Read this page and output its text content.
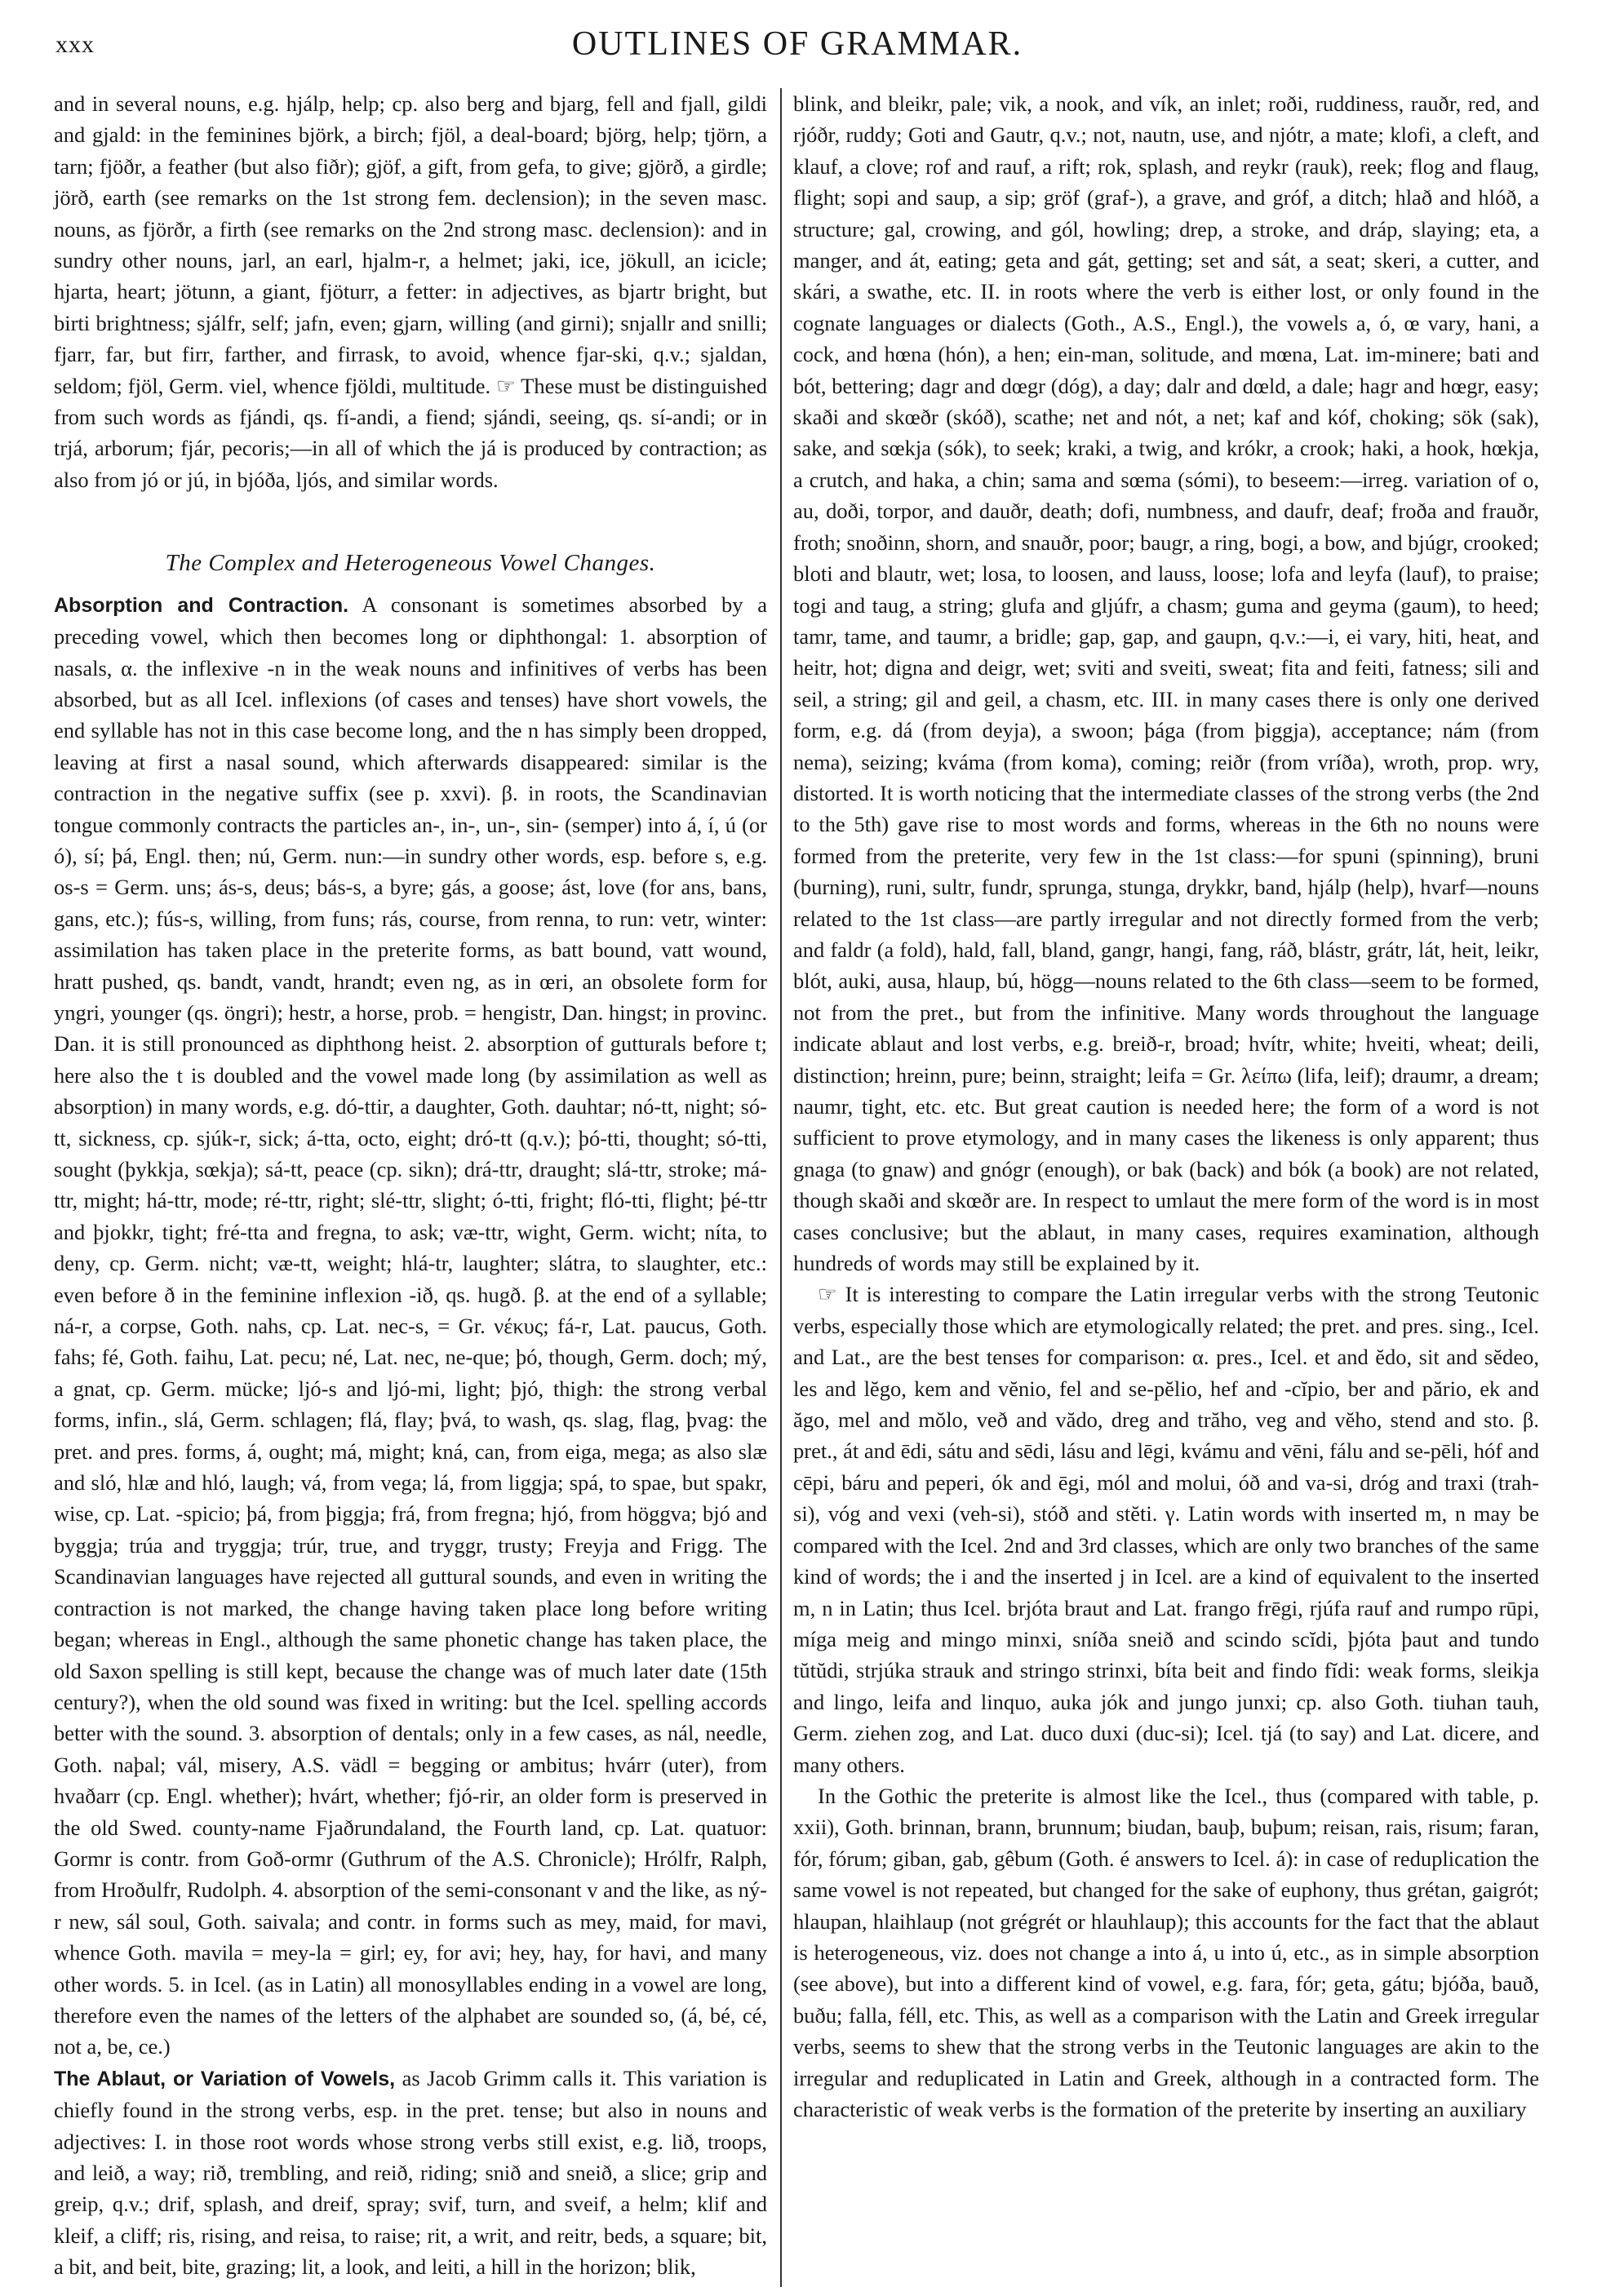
xxx	OUTLINES OF GRAMMAR.

and in several nouns, e.g. hjálp, help; cp. also berg and bjarg, fell and fjall, gildi and gjald: in the feminines björk, a birch; fjöl, a deal-board; björg, help; tjörn, a tarn; fjöðr, a feather (but also fiðr); gjöf, a gift, from gefa, to give; gjörð, a girdle; jörð, earth (see remarks on the 1st strong fem. declension); in the seven masc. nouns, as fjörðr, a firth (see remarks on the 2nd strong masc. declension): and in sundry other nouns, jarl, an earl, hjalm-r, a helmet; jaki, ice, jökull, an icicle; hjarta, heart; jötunn, a giant, fjöturr, a fetter: in adjectives, as bjartr bright, but birti brightness; sjálfr, self; jafn, even; gjarn, willing (and girni); snjallr and snilli; fjarr, far, but firr, farther, and firrask, to avoid, whence fjar-ski, q.v.; sjaldan, seldom; fjöl, Germ. viel, whence fjöldi, multitude. ☞ These must be distinguished from such words as fjándi, qs. fí-andi, a fiend; sjándi, seeing, qs. sí-andi; or in trjá, arborum; fjár, pecoris;—in all of which the já is produced by contraction; as also from jó or jú, in bjóða, ljós, and similar words.

The Complex and Heterogeneous Vowel Changes.

Absorption and Contraction. A consonant is sometimes absorbed by a preceding vowel, which then becomes long or diphthongal: 1. absorption of nasals, α. the inflexive -n in the weak nouns and infinitives of verbs has been absorbed, but as all Icel. inflexions (of cases and tenses) have short vowels, the end syllable has not in this case become long, and the n has simply been dropped, leaving at first a nasal sound, which afterwards disappeared: similar is the contraction in the negative suffix (see p. xxvi). β. in roots, the Scandinavian tongue commonly contracts the particles an-, in-, un-, sin- (semper) into á, í, ú (or ó), sí; þá, Engl. then; nú, Germ. nun:—in sundry other words, esp. before s, e.g. os-s = Germ. uns; ás-s, deus; bás-s, a byre; gás, a goose; ást, love (for ans, bans, gans, etc.); fús-s, willing, from funs; rás, course, from renna, to run: vetr, winter: assimilation has taken place in the preterite forms, as batt bound, vatt wound, hratt pushed, qs. bandt, vandt, hrandt; even ng, as in œri, an obsolete form for yngri, younger (qs. öngri); hestr, a horse, prob. = hengistr, Dan. hingst; in provinc. Dan. it is still pronounced as diphthong heist. 2. absorption of gutturals before t; here also the t is doubled and the vowel made long (by assimilation as well as absorption) in many words, e.g. dó-ttir, a daughter, Goth. dauhtar; nó-tt, night; só-tt, sickness, cp. sjúk-r, sick; á-tta, octo, eight; dró-tt (q.v.); þó-tti, thought; só-tti, sought (þykkja, sœkja); sá-tt, peace (cp. sikn); drá-ttr, draught; slá-ttr, stroke; má-ttr, might; há-ttr, mode; ré-ttr, right; slé-ttr, slight; ó-tti, fright; fló-tti, flight; þé-ttr and þjokkr, tight; fré-tta and fregna, to ask; væ-ttr, wight, Germ. wicht; níta, to deny, cp. Germ. nicht; væ-tt, weight; hlá-tr, laughter; slátra, to slaughter, etc.: even before ð in the feminine inflexion -ið, qs. hugð. β. at the end of a syllable; ná-r, a corpse, Goth. nahs, cp. Lat. nec-s, = Gr. νέκυς; fá-r, Lat. paucus, Goth. fahs; fé, Goth. faihu, Lat. pecu; né, Lat. nec, ne-que; þó, though, Germ. doch; mý, a gnat, cp. Germ. mücke; ljó-s and ljó-mi, light; þjó, thigh: the strong verbal forms, infin., slá, Germ. schlagen; flá, flay; þvá, to wash, qs. slag, flag, þvag: the pret. and pres. forms, á, ought; má, might; kná, can, from eiga, mega; as also slæ and sló, hlæ and hló, laugh; vá, from vega; lá, from liggja; spá, to spae, but spakr, wise, cp. Lat. -spicio; þá, from þiggja; frá, from fregna; hjó, from höggva; bjó and byggja; trúa and tryggja; trúr, true, and tryggr, trusty; Freyja and Frigg. The Scandinavian languages have rejected all guttural sounds, and even in writing the contraction is not marked, the change having taken place long before writing began; whereas in Engl., although the same phonetic change has taken place, the old Saxon spelling is still kept, because the change was of much later date (15th century?), when the old sound was fixed in writing: but the Icel. spelling accords better with the sound. 3. absorption of dentals; only in a few cases, as nál, needle, Goth. naþal; vál, misery, A.S. vädl = begging or ambitus; hvárr (uter), from hvaðarr (cp. Engl. whether); hvárt, whether; fjó-rir, an older form is preserved in the old Swed. county-name Fjaðrundaland, the Fourth land, cp. Lat. quatuor: Gormr is contr. from Goð-ormr (Guthrum of the A.S. Chronicle); Hrólfr, Ralph, from Hroðulfr, Rudolph. 4. absorption of the semi-consonant v and the like, as ný-r new, sál soul, Goth. saivala; and contr. in forms such as mey, maid, for mavi, whence Goth. mavila = mey-la = girl; ey, for avi; hey, hay, for havi, and many other words. 5. in Icel. (as in Latin) all monosyllables ending in a vowel are long, therefore even the names of the letters of the alphabet are sounded so, (á, bé, cé, not a, be, ce.)

The Ablaut, or Variation of Vowels, as Jacob Grimm calls it. This variation is chiefly found in the strong verbs, esp. in the pret. tense; but also in nouns and adjectives: I. in those root words whose strong verbs still exist, e.g. lið, troops, and leið, a way; rið, trembling, and reið, riding; snið and sneið, a slice; grip and greip, q.v.; drif, splash, and dreif, spray; svif, turn, and sveif, a helm; klif and kleif, a cliff; ris, rising, and reisa, to raise; rit, a writ, and reitr, beds, a square; bit, a bit, and beit, bite, grazing; lit, a look, and leiti, a hill in the horizon; blik,

blink, and bleikr, pale; vik, a nook, and vík, an inlet; roði, ruddiness, rauðr, red, and rjóðr, ruddy; Goti and Gautr, q.v.; not, nautn, use, and njótr, a mate; klofi, a cleft, and klauf, a clove; rof and rauf, a rift; rok, splash, and reykr (rauk), reek; flog and flaug, flight; sopi and saup, a sip; gröf (graf-), a grave, and gróf, a ditch; hlað and hlóð, a structure; gal, crowing, and gól, howling; drep, a stroke, and dráp, slaying; eta, a manger, and át, eating; geta and gát, getting; set and sát, a seat; skeri, a cutter, and skári, a swathe, etc. II. in roots where the verb is either lost, or only found in the cognate languages or dialects (Goth., A.S., Engl.), the vowels a, ó, œ vary, hani, a cock, and hœna (hón), a hen; ein-man, solitude, and mœna, Lat. im-minere; bati and bót, bettering; dagr and dœgr (dóg), a day; dalr and dœld, a dale; hagr and hœgr, easy; skaði and skœðr (skóð), scathe; net and nót, a net; kaf and kóf, choking; sök (sak), sake, and sœkja (sók), to seek; kraki, a twig, and krókr, a crook; haki, a hook, hœkja, a crutch, and haka, a chin; sama and sœma (sómi), to beseem:—irreg. variation of o, au, doði, torpor, and dauðr, death; dofi, numbness, and daufr, deaf; froða and frauðr, froth; snoðinn, shorn, and snauðr, poor; baugr, a ring, bogi, a bow, and bjúgr, crooked; bloti and blautr, wet; losa, to loosen, and lauss, loose; lofa and leyfa (lauf), to praise; togi and taug, a string; glufa and gljúfr, a chasm; guma and geyma (gaum), to heed; tamr, tame, and taumr, a bridle; gap, gap, and gaupn, q.v.:—i, ei vary, hiti, heat, and heitr, hot; digna and deigr, wet; sviti and sveiti, sweat; fita and feiti, fatness; sili and seil, a string; gil and geil, a chasm, etc. III. in many cases there is only one derived form, e.g. dá (from deyja), a swoon; þága (from þiggja), acceptance; nám (from nema), seizing; kváma (from koma), coming; reiðr (from vríða), wroth, prop. wry, distorted. It is worth noticing that the intermediate classes of the strong verbs (the 2nd to the 5th) gave rise to most words and forms, whereas in the 6th no nouns were formed from the preterite, very few in the 1st class:—for spuni (spinning), bruni (burning), runi, sultr, fundr, sprunga, stunga, drykkr, band, hjálp (help), hvarf—nouns related to the 1st class—are partly irregular and not directly formed from the verb; and faldr (a fold), hald, fall, bland, gangr, hangi, fang, ráð, blástr, grátr, lát, heit, leikr, blót, auki, ausa, hlaup, bú, högg—nouns related to the 6th class—seem to be formed, not from the pret., but from the infinitive. Many words throughout the language indicate ablaut and lost verbs, e.g. breið-r, broad; hvítr, white; hveiti, wheat; deili, distinction; hreinn, pure; beinn, straight; leifa = Gr. λείπω (lifa, leif); draumr, a dream; naumr, tight, etc. etc. But great caution is needed here; the form of a word is not sufficient to prove etymology, and in many cases the likeness is only apparent; thus gnaga (to gnaw) and gnógr (enough), or bak (back) and bók (a book) are not related, though skaði and skœðr are. In respect to umlaut the mere form of the word is in most cases conclusive; but the ablaut, in many cases, requires examination, although hundreds of words may still be explained by it.

☞ It is interesting to compare the Latin irregular verbs with the strong Teutonic verbs, especially those which are etymologically related; the pret. and pres. sing., Icel. and Lat., are the best tenses for comparison: α. pres., Icel. et and ĕdo, sit and sĕdeo, les and lĕgo, kem and vĕnio, fel and se-pĕlio, hef and -cĭpio, ber and părio, ek and ăgo, mel and mŏlo, veð and vădo, dreg and trăho, veg and vĕho, stend and sto. β. pret., át and ēdi, sátu and sēdi, lásu and lēgi, kvámu and vēni, fálu and se-pēli, hóf and cēpi, báru and peperi, ók and ēgi, mól and molui, óð and va-si, dróg and traxi (trah-si), vóg and vexi (veh-si), stóð and stĕti. γ. Latin words with inserted m, n may be compared with the Icel. 2nd and 3rd classes, which are only two branches of the same kind of words; the i and the inserted j in Icel. are a kind of equivalent to the inserted m, n in Latin; thus Icel. brjóta braut and Lat. frango frēgi, rjúfa rauf and rumpo rūpi, míga meig and mingo minxi, sníða sneið and scindo scĭdi, þjóta þaut and tundo tŭtŭdi, strjúka strauk and stringo strinxi, bíta beit and findo fĭdi: weak forms, sleikja and lingo, leifa and linquo, auka jók and jungo junxi; cp. also Goth. tiuhan tauh, Germ. ziehen zog, and Lat. duco duxi (duc-si); Icel. tjá (to say) and Lat. dicere, and many others.

In the Gothic the preterite is almost like the Icel., thus (compared with table, p. xxii), Goth. brinnan, brann, brunnum; biudan, bauþ, buþum; reisan, rais, risum; faran, fór, fórum; giban, gab, gêbum (Goth. é answers to Icel. á): in case of reduplication the same vowel is not repeated, but changed for the sake of euphony, thus grétan, gaigrót; hlaupan, hlaihlaup (not grégrét or hlauhlaup); this accounts for the fact that the ablaut is heterogeneous, viz. does not change a into á, u into ú, etc., as in simple absorption (see above), but into a different kind of vowel, e.g. fara, fór; geta, gátu; bjóða, bauð, buðu; falla, féll, etc. This, as well as a comparison with the Latin and Greek irregular verbs, seems to shew that the strong verbs in the Teutonic languages are akin to the irregular and reduplicated in Latin and Greek, although in a contracted form. The characteristic of weak verbs is the formation of the preterite by inserting an auxiliary
